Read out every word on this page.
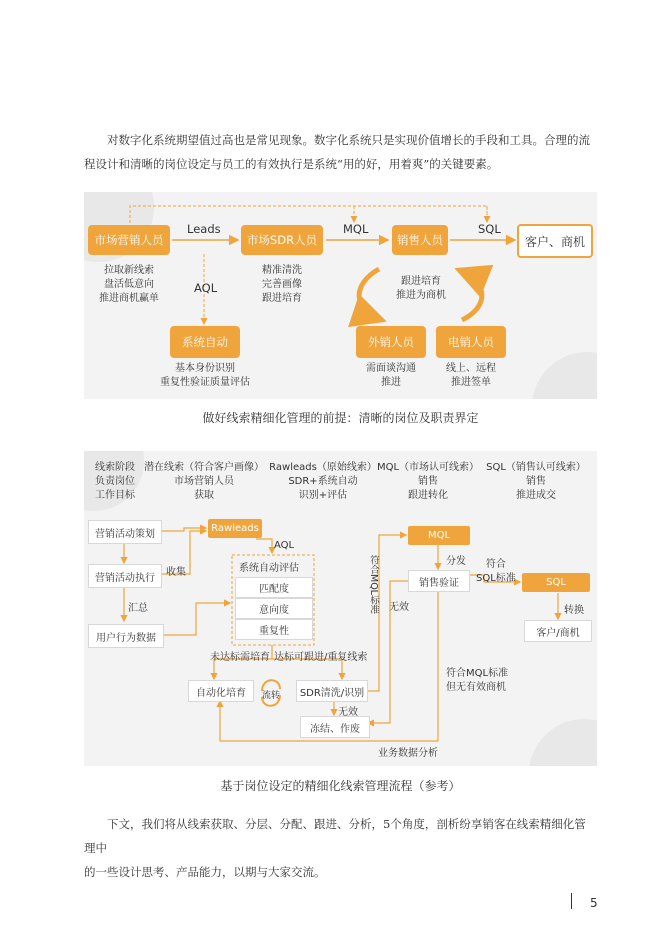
对数字化系统期望值过高也是常见现象。数字化系统只是实现价值增长的手段和工具。合理的流
程设计和清晰的岗位设定与员工的有效执行是系统“用的好，用着爽”的关键要素。

市场营销人员	市场SDR人员	销售人员	客户、商机
系统自动	外销人员	电销人员
Leads	MQL	SQL
AQL
拉取新线索
盘活低意向
推进商机赢单
精准清洗
完善画像
跟进培育
跟进培育
推进为商机
基本身份识别
重复性验证质量评估
需面谈沟通
推进
线上、远程
推进签单
做好线索精细化管理的前提：清晰的岗位及职责界定
线索阶段
负责岗位
工作目标
潜在线索（符合客户画像）
市场营销人员
获取
Rawleads（原始线索）
SDR+系统自动
识别+评估
MQL（市场认可线索）
销售
跟进转化
SQL（销售认可线索）
销售
推进成交
营销活动策划
营销活动执行
用户行为数据
Rawleads
系统自动评估
匹配度
意向度
重复性
自动化培育	SDR清洗/识别
冻结、作废
MQL
销售验证	SQL
客户/商机
收集
汇总
AQL
未达标需培育 达标可跟进/重复线索
流转
无效
无效
符合MQL标准	分发	符合
SQL标准
转换
符合MQL标准
但无有效商机
业务数据分析
基于岗位设定的精细化线索管理流程（参考）

下文，我们将从线索获取、分层、分配、跟进、分析，5个角度，剖析纷享销客在线索精细化管理中
的一些设计思考、产品能力，以期与大家交流。

5
